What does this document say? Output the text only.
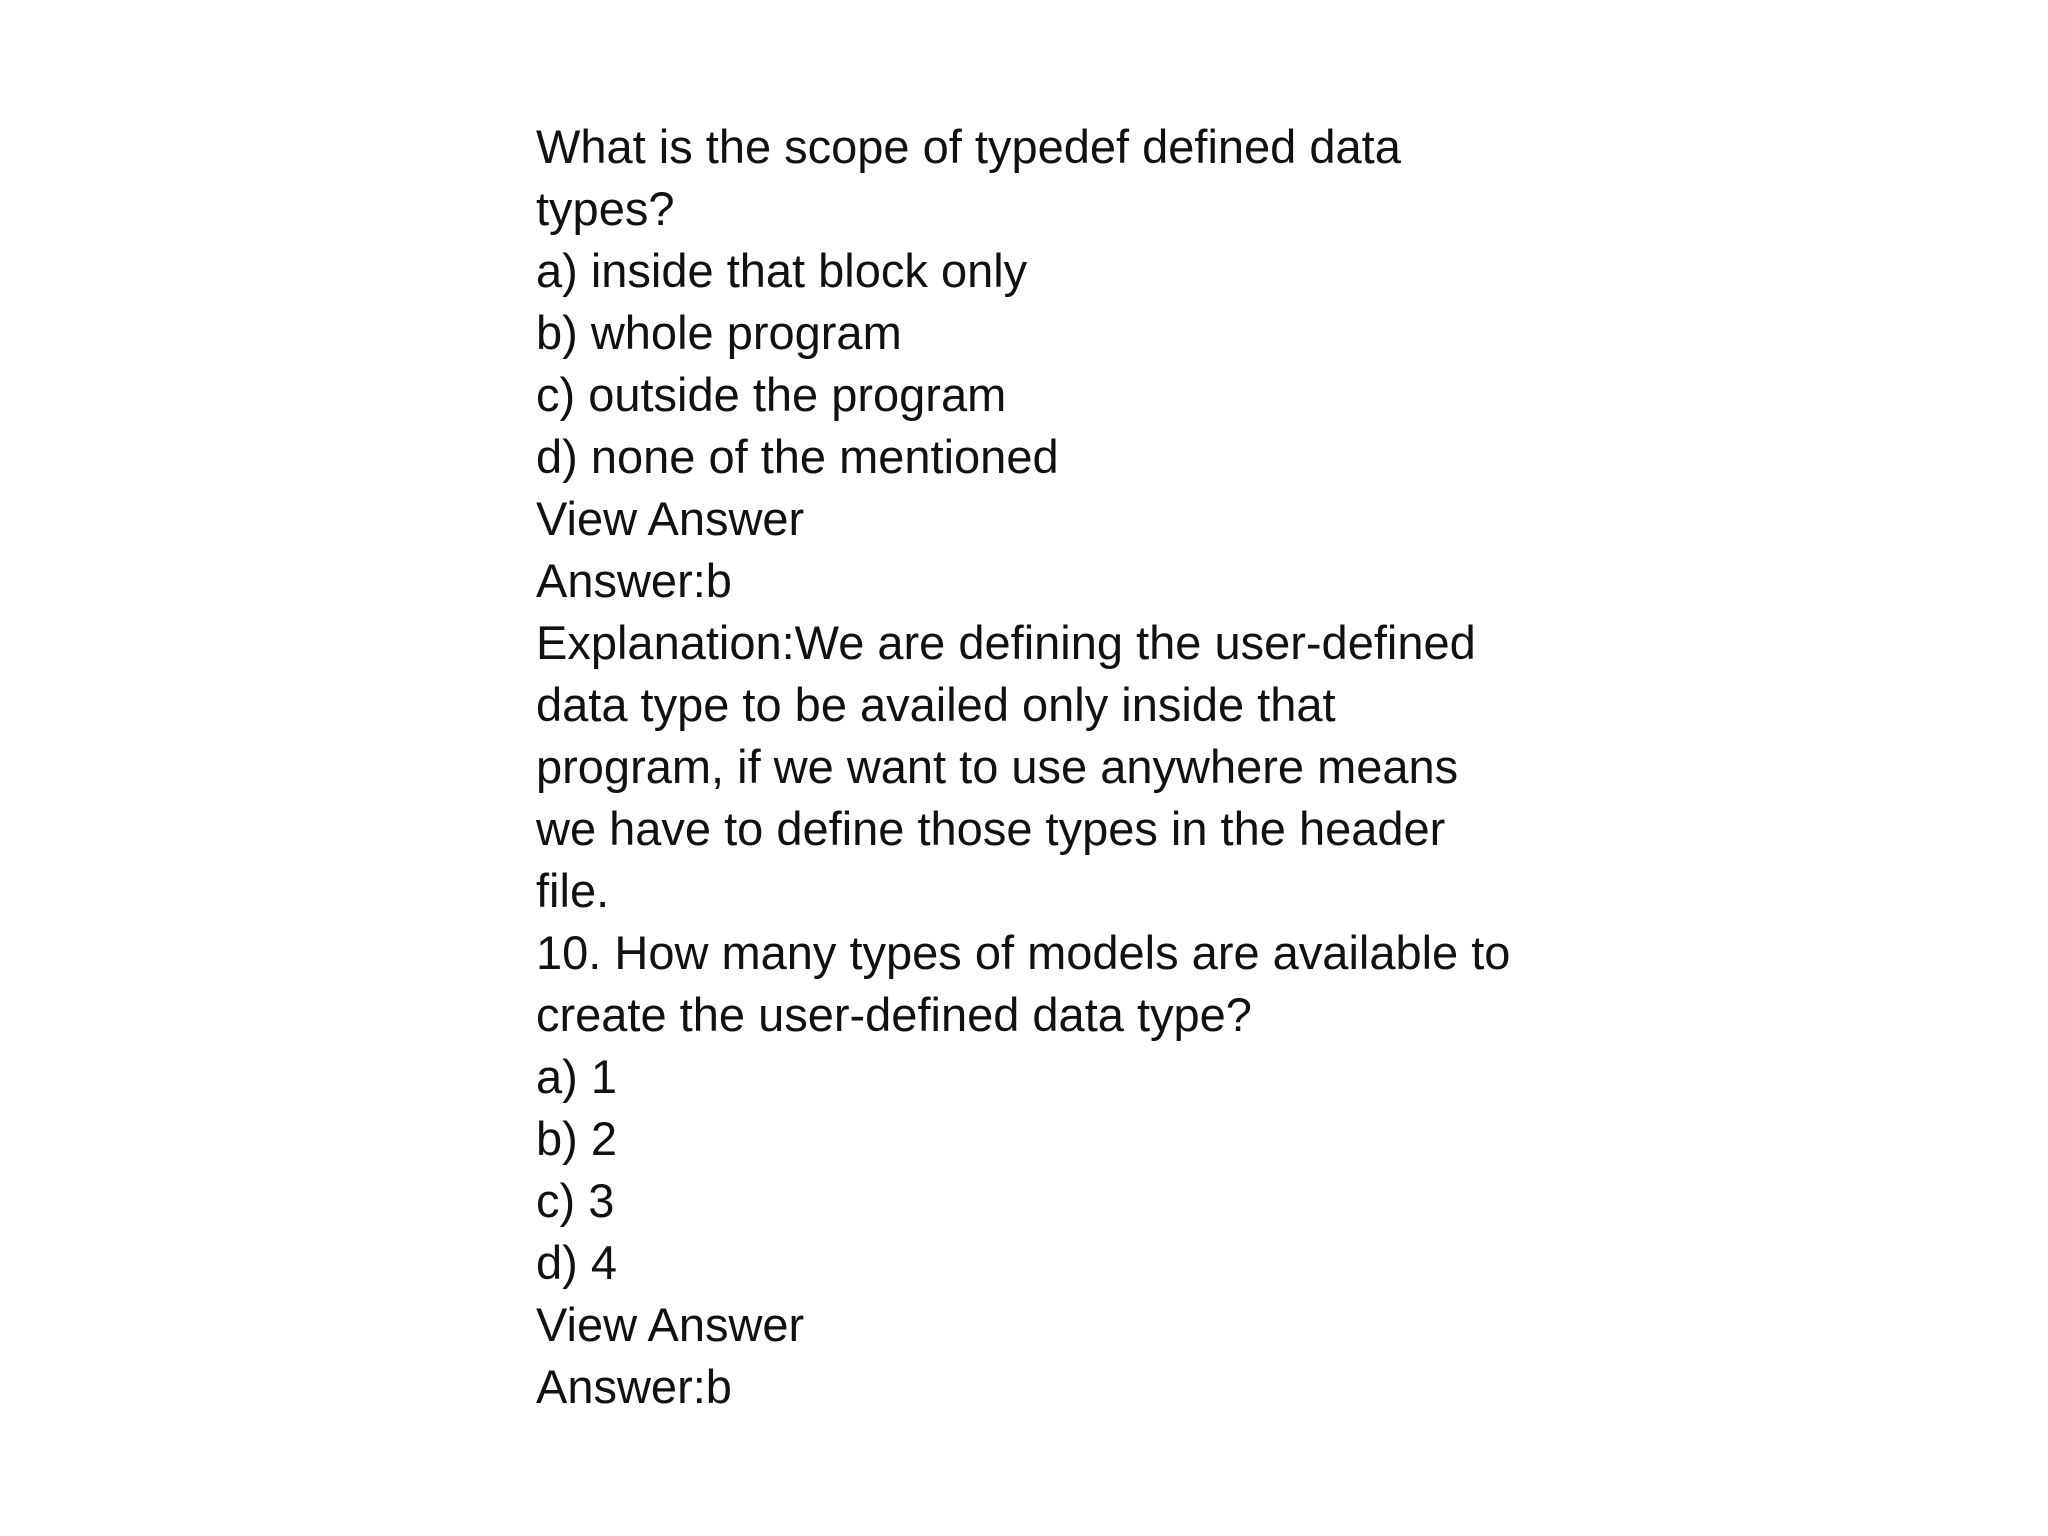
What is the scope of typedef defined data
types?
a) inside that block only
b) whole program
c) outside the program
d) none of the mentioned
View Answer
Answer:b
Explanation:We are defining the user-defined
data type to be availed only inside that
program, if we want to use anywhere means
we have to define those types in the header
file.
10. How many types of models are available to
create the user-defined data type?
a) 1
b) 2
c) 3
d) 4
View Answer
Answer:b
